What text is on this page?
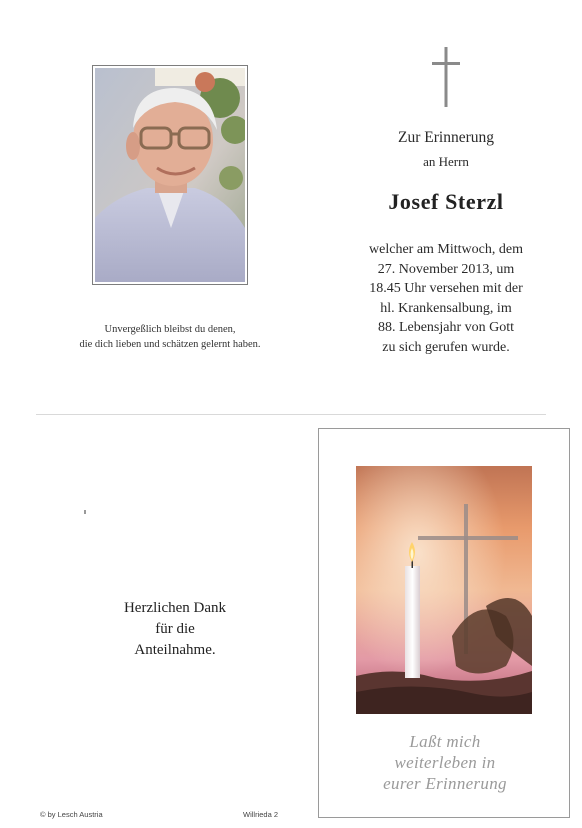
Unvergeßlich bleibst du denen,
die dich lieben und schätzen gelernt haben.
Zur Erinnerung
an Herrn
Josef Sterzl
welcher am Mittwoch, dem
27. November 2013, um
18.45 Uhr versehen mit der
hl. Krankensalbung, im
88. Lebensjahr von Gott
zu sich gerufen wurde.
Herzlichen Dank
für die
Anteilnahme.
Laßt mich
weiterleben in
eurer Erinnerung
© by Lesch Austria	Willrieda 2
